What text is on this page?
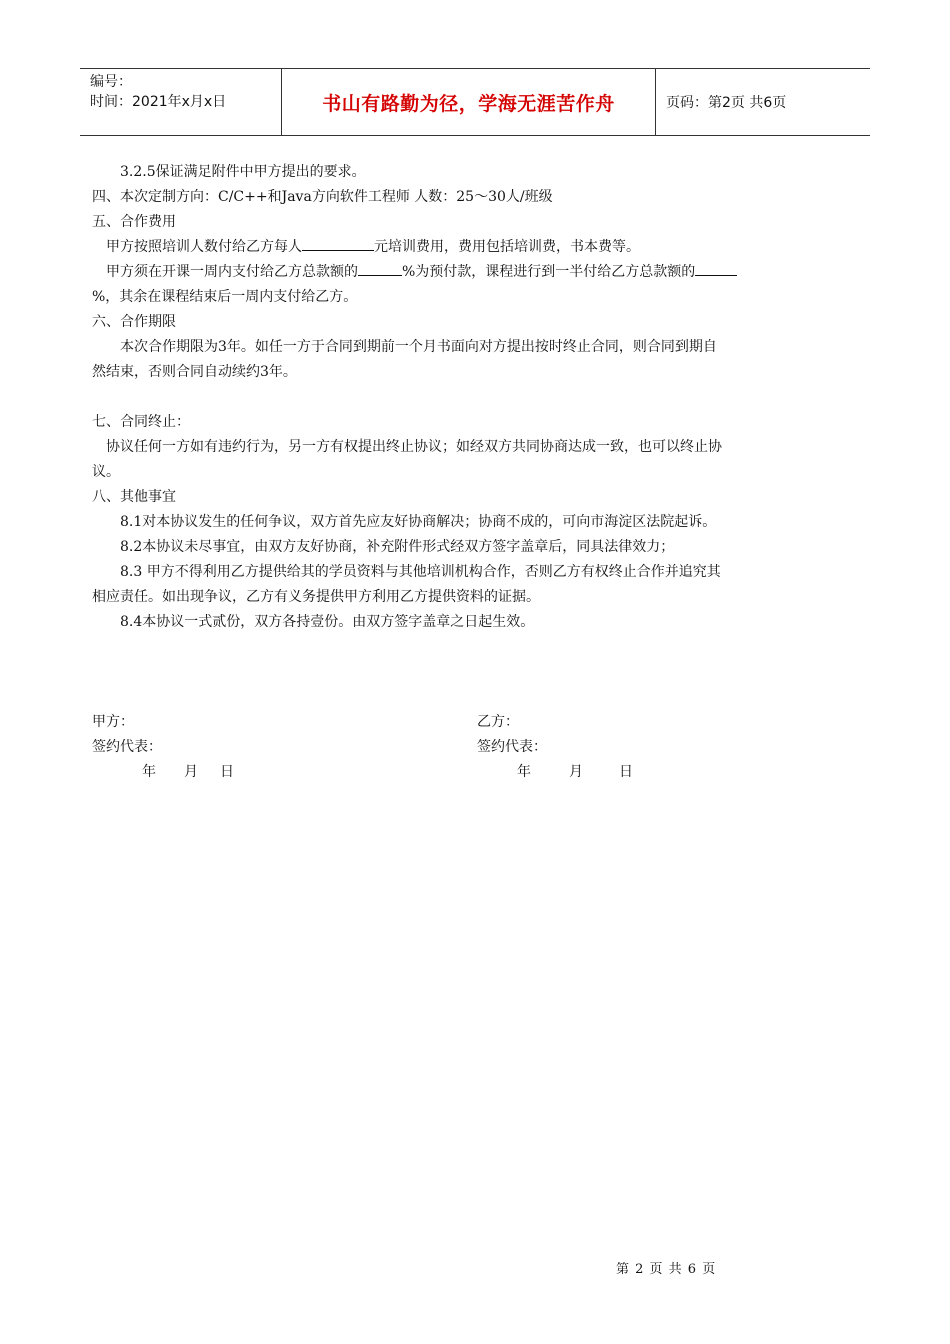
编号：
时间：2021年x月x日	书山有路勤为径，学海无涯苦作舟	页码：第2页 共6页

3.2.5保证满足附件中甲方提出的要求。

四、本次定制方向：C/C++和Java方向软件工程师 人数：25～30人/班级

五、合作费用

甲方按照培训人数付给乙方每人	元培训费用，费用包括培训费，书本费等。

甲方须在开课一周内支付给乙方总款额的	%为预付款，课程进行到一半付给乙方总款额的

%，其余在课程结束后一周内支付给乙方。

六、合作期限

本次合作期限为3年。如任一方于合同到期前一个月书面向对方提出按时终止合同，则合同到期自

然结束，否则合同自动续约3年。

七、合同终止：

协议任何一方如有违约行为，另一方有权提出终止协议；如经双方共同协商达成一致，也可以终止协

议。

八、其他事宜

8.1对本协议发生的任何争议，双方首先应友好协商解决；协商不成的，可向市海淀区法院起诉。

8.2本协议未尽事宜，由双方友好协商，补充附件形式经双方签字盖章后，同具法律效力；

8.3 甲方不得利用乙方提供给其的学员资料与其他培训机构合作，否则乙方有权终止合作并追究其

相应责任。如出现争议，乙方有义务提供甲方利用乙方提供资料的证据。

8.4本协议一式贰份，双方各持壹份。由双方签字盖章之日起生效。

甲方：

签约代表：

年 月 日

乙方：

签约代表：

年	月	日

第 2 页 共 6 页
